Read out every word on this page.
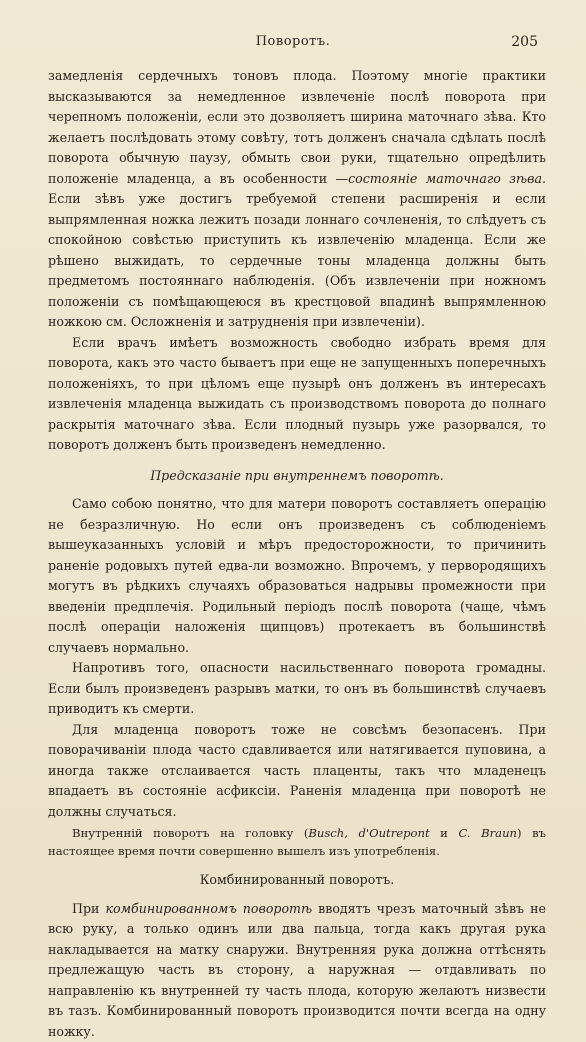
Поворотъ.	205

замедленія сердечныхъ тоновъ плода. Поэтому многіе практики высказываются за немедленное извлеченіе послѣ поворота при черепномъ положеніи, если это дозволяетъ ширина маточнаго зѣва. Кто желаетъ послѣдовать этому совѣту, тотъ долженъ сначала сдѣлать послѣ поворота обычную паузу, обмыть свои руки, тщательно опредѣлить положеніе младенца, а въ особенности —состояніе маточнаго зѣва. Если зѣвъ уже достигъ требуемой степени расширенія и если выпрямленная ножка лежитъ позади лоннаго сочлененія, то слѣдуетъ съ спокойною совѣстью приступить къ извлеченію младенца. Если же рѣшено выжидать, то сердечные тоны младенца должны быть предметомъ постояннаго наблюденія. (Объ извлеченіи при ножномъ положеніи съ помѣщающеюся въ крестцовой впадинѣ выпрямленною ножкою см. Осложненія и затрудненія при извлеченіи).

Если врачъ имѣетъ возможность свободно избрать время для поворота, какъ это часто бываетъ при еще не запущенныхъ поперечныхъ положеніяхъ, то при цѣломъ еще пузырѣ онъ долженъ въ интересахъ извлеченія младенца выжидать съ производствомъ поворота до полнаго раскрытія маточнаго зѣва. Если плодный пузырь уже разорвался, то поворотъ долженъ быть произведенъ немедленно.

Предсказаніе при внутреннемъ поворотѣ.

Само собою понятно, что для матери поворотъ составляетъ операцію не безразличную. Но если онъ произведенъ съ соблюденіемъ вышеуказанныхъ условій и мѣръ предосторожности, то причинить раненіе родовыхъ путей едва-ли возможно. Впрочемъ, у первородящихъ могутъ въ рѣдкихъ случаяхъ образоваться надрывы промежности при введеніи предплечія. Родильный періодъ послѣ поворота (чаще, чѣмъ послѣ операціи наложенія щипцовъ) протекаетъ въ большинствѣ случаевъ нормально.

Напротивъ того, опасности насильственнаго поворота громадны. Если былъ произведенъ разрывъ матки, то онъ въ большинствѣ случаевъ приводитъ къ смерти.

Для младенца поворотъ тоже не совсѣмъ безопасенъ. При поворачиваніи плода часто сдавливается или натягивается пуповина, а иногда также отслаивается часть плаценты, такъ что младенецъ впадаетъ въ состояніе асфиксіи. Раненія младенца при поворотѣ не должны случаться.

Внутренній поворотъ на головку (Busch, d'Outrepont и C. Braun) въ настоящее время почти совершенно вышелъ изъ употребленія.

Комбинированный поворотъ.

При комбинированномъ поворотѣ вводятъ чрезъ маточный зѣвъ не всю руку, а только одинъ или два пальца, тогда какъ другая рука накладывается на матку снаружи. Внутренняя рука должна оттѣснять предлежащую часть въ сторону, а наружная — отдавливать по направленію къ внутренней ту часть плода, которую желаютъ низвести въ тазъ. Комбинированный поворотъ производится почти всегда на одну ножку.
